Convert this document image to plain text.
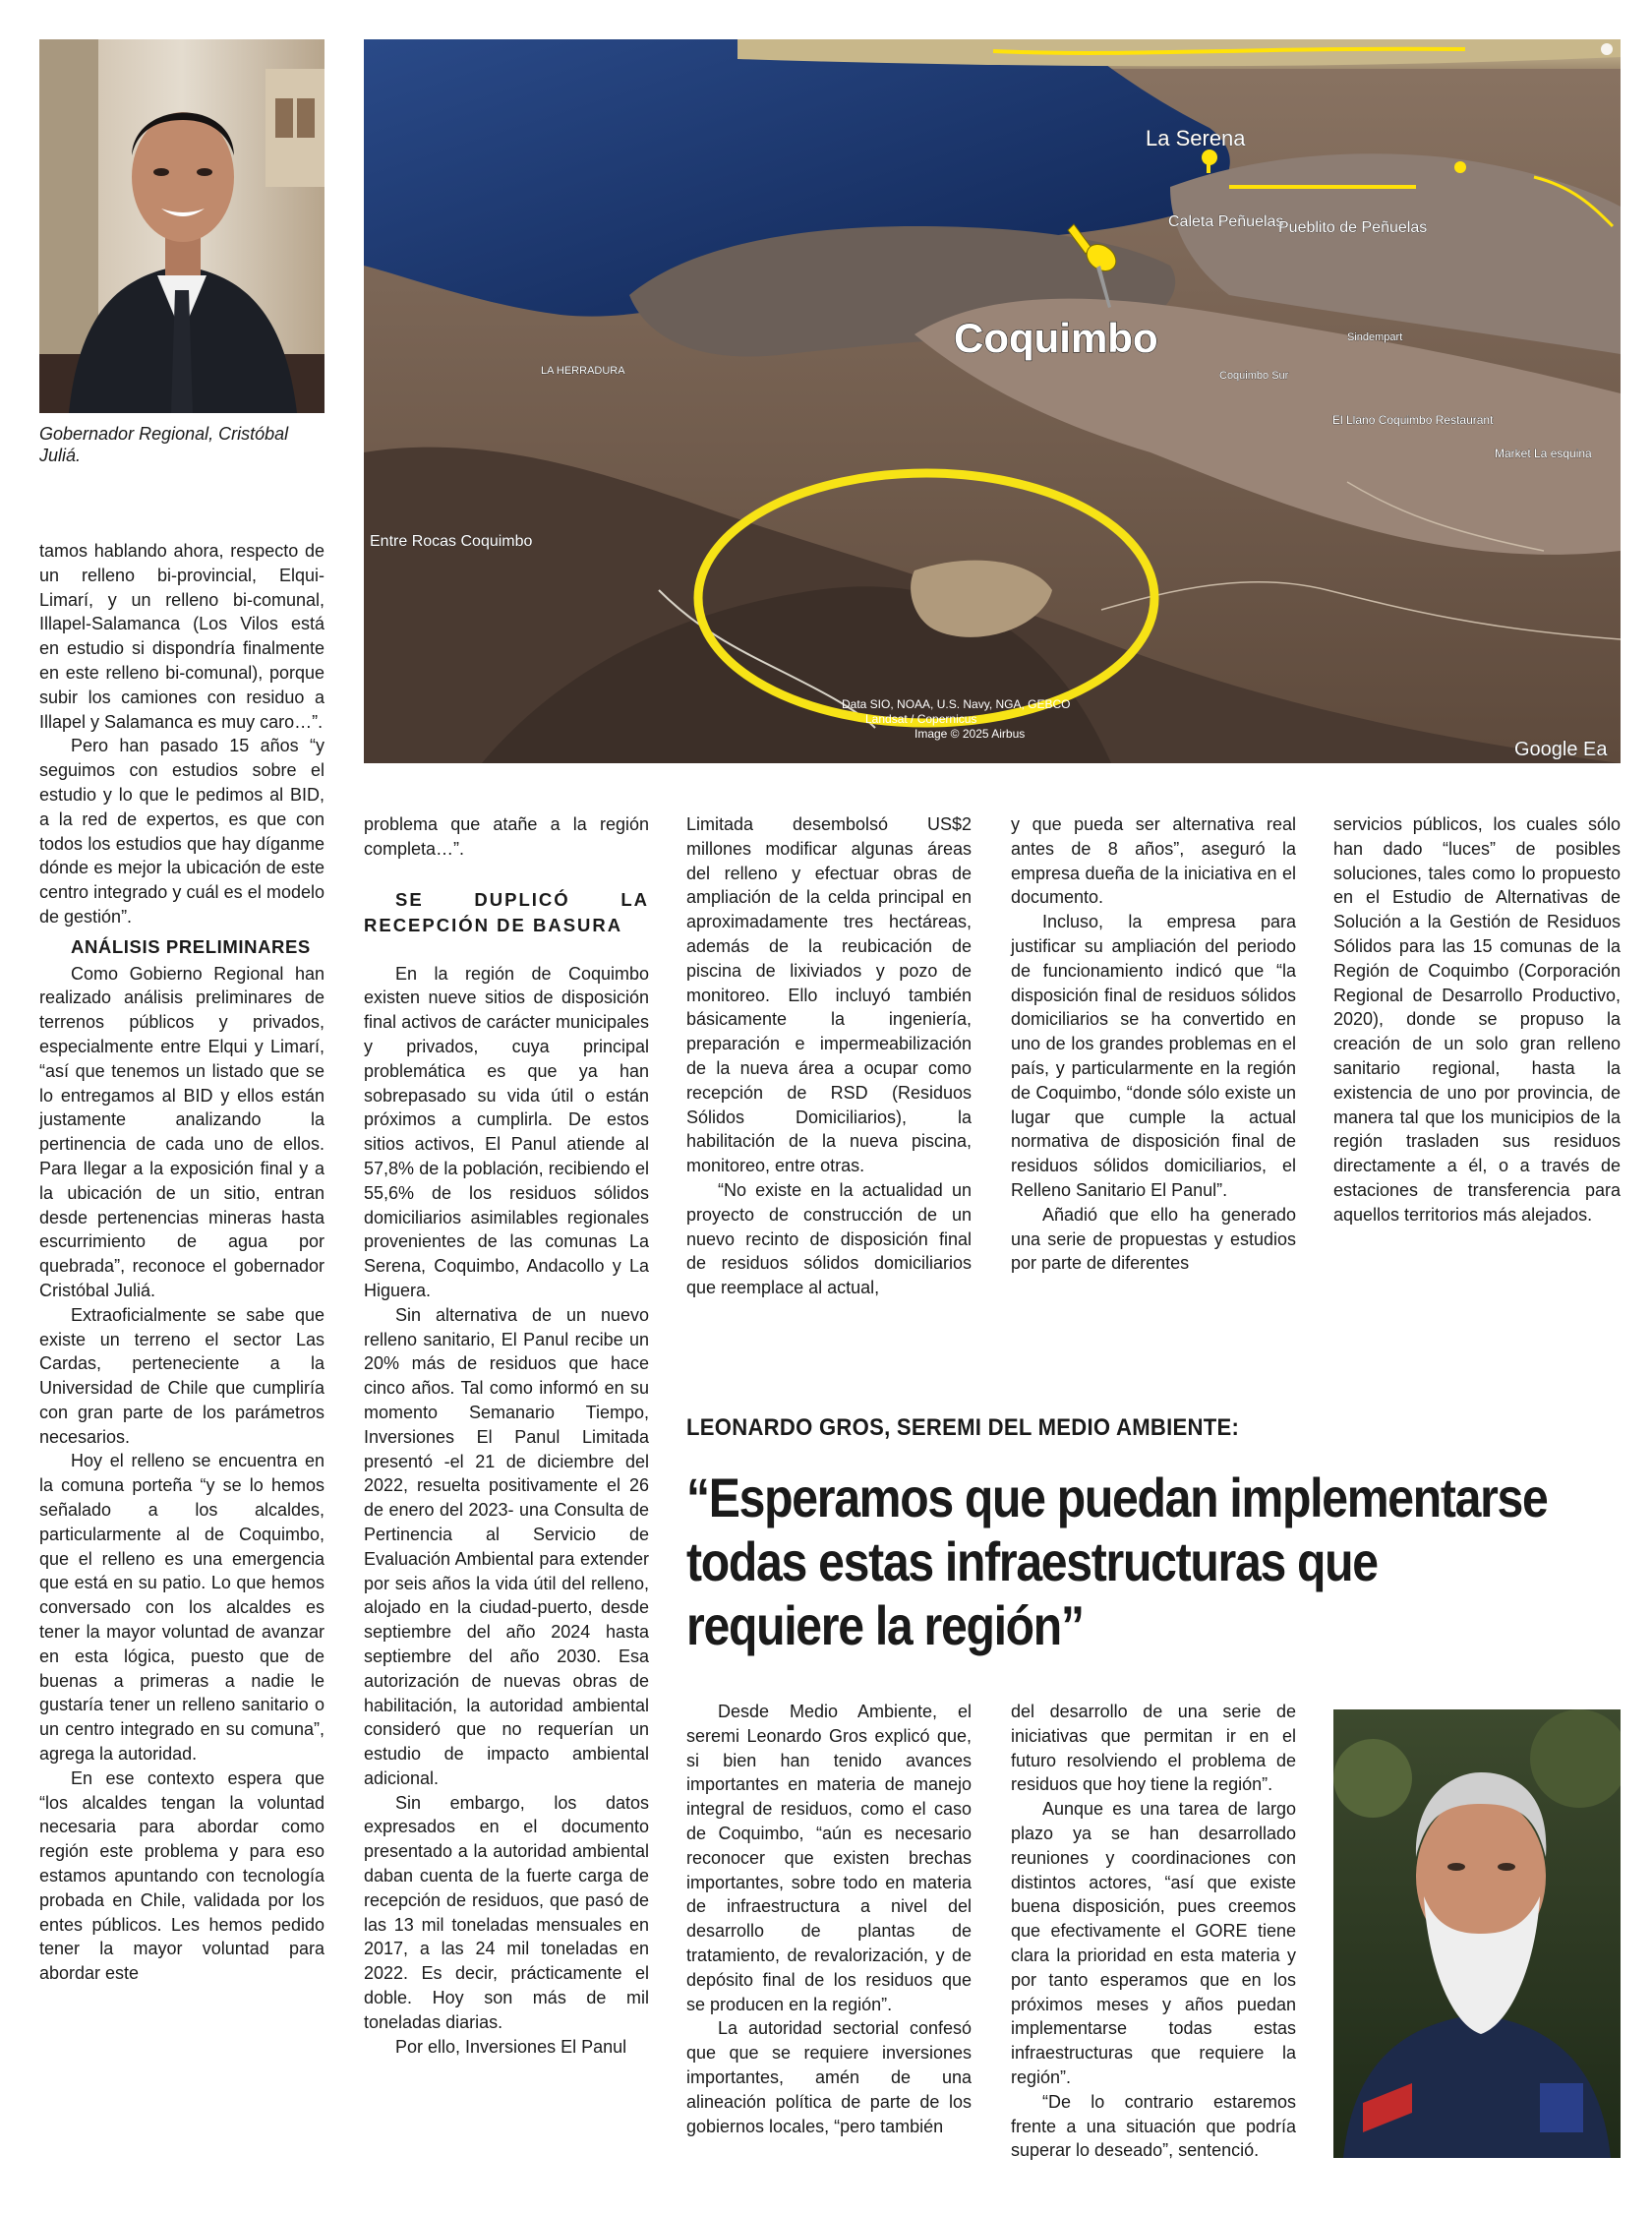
Gobernador Regional, Cristóbal Juliá.
La Serena
Caleta Peñuelas
Pueblito de Peñuelas
Coquimbo
Entre Rocas Coquimbo
LA HERRADURA	Coquimbo Sur
Sindempart
El Llano Coquimbo Restaurant
Market La esquina
Google Ea
Data SIO, NOAA, U.S. Navy, NGA, GEBCO Landsat / Copernicus Image © 2025 Airbus

tamos hablando ahora, respecto de un relleno bi-provincial, Elqui-Limarí, y un relleno bi-comunal, Illapel-Salamanca (Los Vilos está en estudio si dispondría finalmente en este relleno bi-comunal), porque subir los camiones con residuo a Illapel y Salamanca es muy caro…”.

Pero han pasado 15 años “y seguimos con estudios sobre el estudio y lo que le pedimos al BID, a la red de expertos, es que con todos los estudios que hay díganme dónde es mejor la ubicación de este centro integrado y cuál es el modelo de gestión”.

ANÁLISIS PRELIMINARES

Como Gobierno Regional han realizado análisis preliminares de terrenos públicos y privados, especialmente entre Elqui y Limarí, “así que tenemos un listado que se lo entregamos al BID y ellos están justamente analizando la pertinencia de cada uno de ellos. Para llegar a la exposición final y a la ubicación de un sitio, entran desde pertenencias mineras hasta escurrimiento de agua por quebrada”, reconoce el gobernador Cristóbal Juliá.

Extraoficialmente se sabe que existe un terreno el sector Las Cardas, perteneciente a la Universidad de Chile que cumpliría con gran parte de los parámetros necesarios.

Hoy el relleno se encuentra en la comuna porteña “y se lo hemos señalado a los alcaldes, particularmente al de Coquimbo, que el relleno es una emergencia que está en su patio. Lo que hemos conversado con los alcaldes es tener la mayor voluntad de avanzar en esta lógica, puesto que de buenas a primeras a nadie le gustaría tener un relleno sanitario o un centro integrado en su comuna”, agrega la autoridad.

En ese contexto espera que “los alcaldes tengan la voluntad necesaria para abordar como región este problema y para eso estamos apuntando con tecnología probada en Chile, validada por los entes públicos. Les hemos pedido tener la mayor voluntad para abordar este

problema que atañe a la región completa…”.

SE DUPLICÓ LA RECEPCIÓN DE BASURA

En la región de Coquimbo existen nueve sitios de disposición final activos de carácter municipales y privados, cuya principal problemática es que ya han sobrepasado su vida útil o están próximos a cumplirla. De estos sitios activos, El Panul atiende al 57,8% de la población, recibiendo el 55,6% de los residuos sólidos domiciliarios asimilables regionales provenientes de las comunas La Serena, Coquimbo, Andacollo y La Higuera.

Sin alternativa de un nuevo relleno sanitario, El Panul recibe un 20% más de residuos que hace cinco años. Tal como informó en su momento Semanario Tiempo, Inversiones El Panul Limitada presentó -el 21 de diciembre del 2022, resuelta positivamente el 26 de enero del 2023- una Consulta de Pertinencia al Servicio de Evaluación Ambiental para extender por seis años la vida útil del relleno, alojado en la ciudad-puerto, desde septiembre del año 2024 hasta septiembre del año 2030. Esa autorización de nuevas obras de habilitación, la autoridad ambiental consideró que no requerían un estudio de impacto ambiental adicional.

Sin embargo, los datos expresados en el documento presentado a la autoridad ambiental daban cuenta de la fuerte carga de recepción de residuos, que pasó de las 13 mil toneladas mensuales en 2017, a las 24 mil toneladas en 2022. Es decir, prácticamente el doble. Hoy son más de mil toneladas diarias.

Por ello, Inversiones El Panul

Limitada desembolsó US$2 millones modificar algunas áreas del relleno y efectuar obras de ampliación de la celda principal en aproximadamente tres hectáreas, además de la reubicación de piscina de lixiviados y pozo de monitoreo. Ello incluyó también básicamente la ingeniería, preparación e impermeabilización de la nueva área a ocupar como recepción de RSD (Residuos Sólidos Domiciliarios), la habilitación de la nueva piscina, monitoreo, entre otras.

“No existe en la actualidad un proyecto de construcción de un nuevo recinto de disposición final de residuos sólidos domiciliarios que reemplace al actual,

y que pueda ser alternativa real antes de 8 años”, aseguró la empresa dueña de la iniciativa en el documento.

Incluso, la empresa para justificar su ampliación del periodo de funcionamiento indicó que “la disposición final de residuos sólidos domiciliarios se ha convertido en uno de los grandes problemas en el país, y particularmente en la región de Coquimbo, “donde sólo existe un lugar que cumple la actual normativa de disposición final de residuos sólidos domiciliarios, el Relleno Sanitario El Panul”.

Añadió que ello ha generado una serie de propuestas y estudios por parte de diferentes

servicios públicos, los cuales sólo han dado “luces” de posibles soluciones, tales como lo propuesto en el Estudio de Alternativas de Solución a la Gestión de Residuos Sólidos para las 15 comunas de la Región de Coquimbo (Corporación Regional de Desarrollo Productivo, 2020), donde se propuso la creación de un solo gran relleno sanitario regional, hasta la existencia de uno por provincia, de manera tal que los municipios de la región trasladen sus residuos directamente a él, o a través de estaciones de transferencia para aquellos territorios más alejados.

LEONARDO GROS, SEREMI DEL MEDIO AMBIENTE:
“Esperamos que puedan implementarse
todas estas infraestructuras que
requiere la región”

Desde Medio Ambiente, el seremi Leonardo Gros explicó que, si bien han tenido avances importantes en materia de manejo integral de residuos, como el caso de Coquimbo, “aún es necesario reconocer que existen brechas importantes, sobre todo en materia de infraestructura a nivel del desarrollo de plantas de tratamiento, de revalorización, y de depósito final de los residuos que se producen en la región”.

La autoridad sectorial confesó que que se requiere inversiones importantes, amén de una alineación política de parte de los gobiernos locales, “pero también

del desarrollo de una serie de iniciativas que permitan ir en el futuro resolviendo el problema de residuos que hoy tiene la región”.

Aunque es una tarea de largo plazo ya se han desarrollado reuniones y coordinaciones con distintos actores, “así que existe buena disposición, pues creemos que efectivamente el GORE tiene clara la prioridad en esta materia y por tanto esperamos que en los próximos meses y años puedan implementarse todas estas infraestructuras que requiere la región”.

“De lo contrario estaremos frente a una situación que podría superar lo deseado”, sentenció.
